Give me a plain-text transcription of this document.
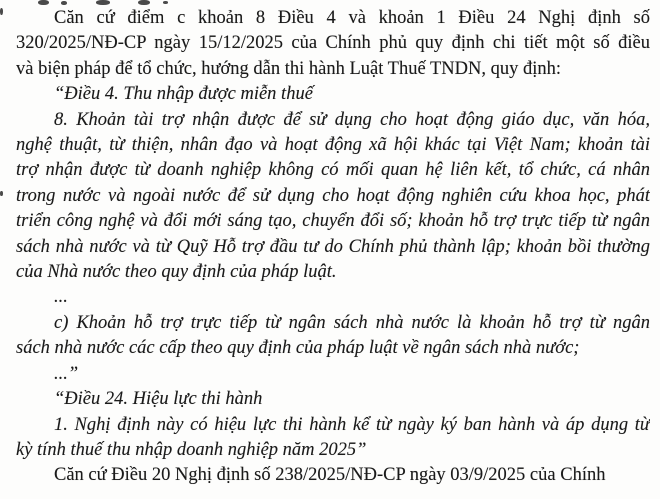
Căn cứ điểm c khoản 8 Điều 4 và khoản 1 Điều 24 Nghị định số
320/2025/NĐ-CP ngày 15/12/2025 của Chính phủ quy định chi tiết một số điều
và biện pháp để tổ chức, hướng dẫn thi hành Luật Thuế TNDN, quy định:
“Điều 4. Thu nhập được miễn thuế
8. Khoản tài trợ nhận được để sử dụng cho hoạt động giáo dục, văn hóa,
nghệ thuật, từ thiện, nhân đạo và hoạt động xã hội khác tại Việt Nam; khoản tài
trợ nhận được từ doanh nghiệp không có mối quan hệ liên kết, tổ chức, cá nhân
trong nước và ngoài nước để sử dụng cho hoạt động nghiên cứu khoa học, phát
triển công nghệ và đổi mới sáng tạo, chuyển đổi số; khoản hỗ trợ trực tiếp từ ngân
sách nhà nước và từ Quỹ Hỗ trợ đầu tư do Chính phủ thành lập; khoản bồi thường
của Nhà nước theo quy định của pháp luật.
...
c) Khoản hỗ trợ trực tiếp từ ngân sách nhà nước là khoản hỗ trợ từ ngân
sách nhà nước các cấp theo quy định của pháp luật về ngân sách nhà nước;
...”
“Điều 24. Hiệu lực thi hành
1. Nghị định này có hiệu lực thi hành kể từ ngày ký ban hành và áp dụng từ
kỳ tính thuế thu nhập doanh nghiệp năm 2025”
Căn cứ Điều 20 Nghị định số 238/2025/NĐ-CP ngày 03/9/2025 của Chính
